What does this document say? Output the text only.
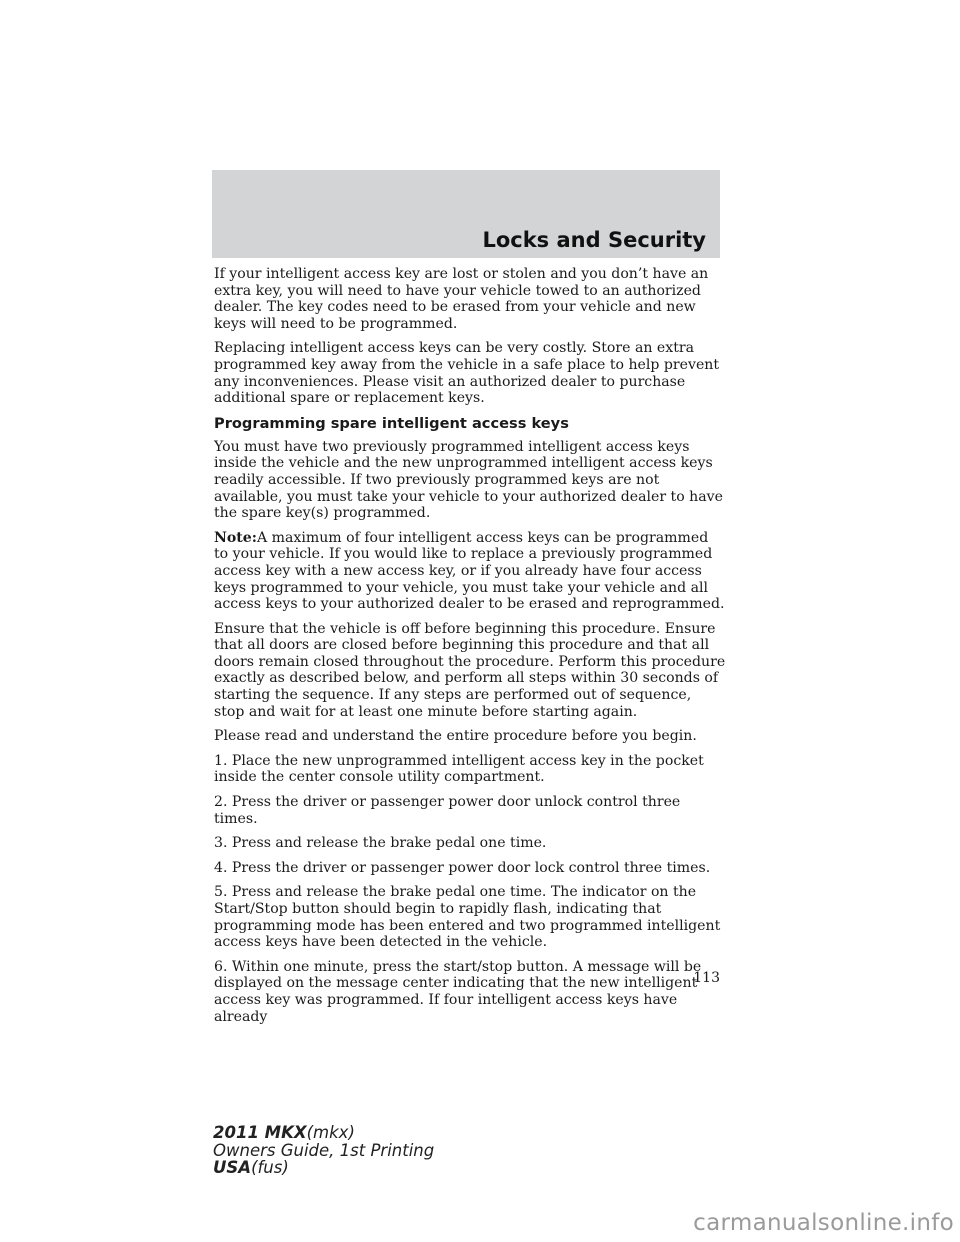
Locks and Security

If your intelligent access key are lost or stolen and you don’t have an extra key, you will need to have your vehicle towed to an authorized dealer. The key codes need to be erased from your vehicle and new keys will need to be programmed.

Replacing intelligent access keys can be very costly. Store an extra programmed key away from the vehicle in a safe place to help prevent any inconveniences. Please visit an authorized dealer to purchase additional spare or replacement keys.

Programming spare intelligent access keys

You must have two previously programmed intelligent access keys inside the vehicle and the new unprogrammed intelligent access keys readily accessible. If two previously programmed keys are not available, you must take your vehicle to your authorized dealer to have the spare key(s) programmed.

Note:A maximum of four intelligent access keys can be programmed to your vehicle. If you would like to replace a previously programmed access key with a new access key, or if you already have four access keys programmed to your vehicle, you must take your vehicle and all access keys to your authorized dealer to be erased and reprogrammed.

Ensure that the vehicle is off before beginning this procedure. Ensure that all doors are closed before beginning this procedure and that all doors remain closed throughout the procedure. Perform this procedure exactly as described below, and perform all steps within 30 seconds of starting the sequence. If any steps are performed out of sequence, stop and wait for at least one minute before starting again.

Please read and understand the entire procedure before you begin.

1. Place the new unprogrammed intelligent access key in the pocket inside the center console utility compartment.

2. Press the driver or passenger power door unlock control three times.

3. Press and release the brake pedal one time.

4. Press the driver or passenger power door lock control three times.

5. Press and release the brake pedal one time. The indicator on the Start/Stop button should begin to rapidly flash, indicating that programming mode has been entered and two programmed intelligent access keys have been detected in the vehicle.

6. Within one minute, press the start/stop button. A message will be displayed on the message center indicating that the new intelligent access key was programmed. If four intelligent access keys have already

113
2011 MKX(mkx)
Owners Guide, 1st Printing
USA(fus)
carmanualsonline.info
